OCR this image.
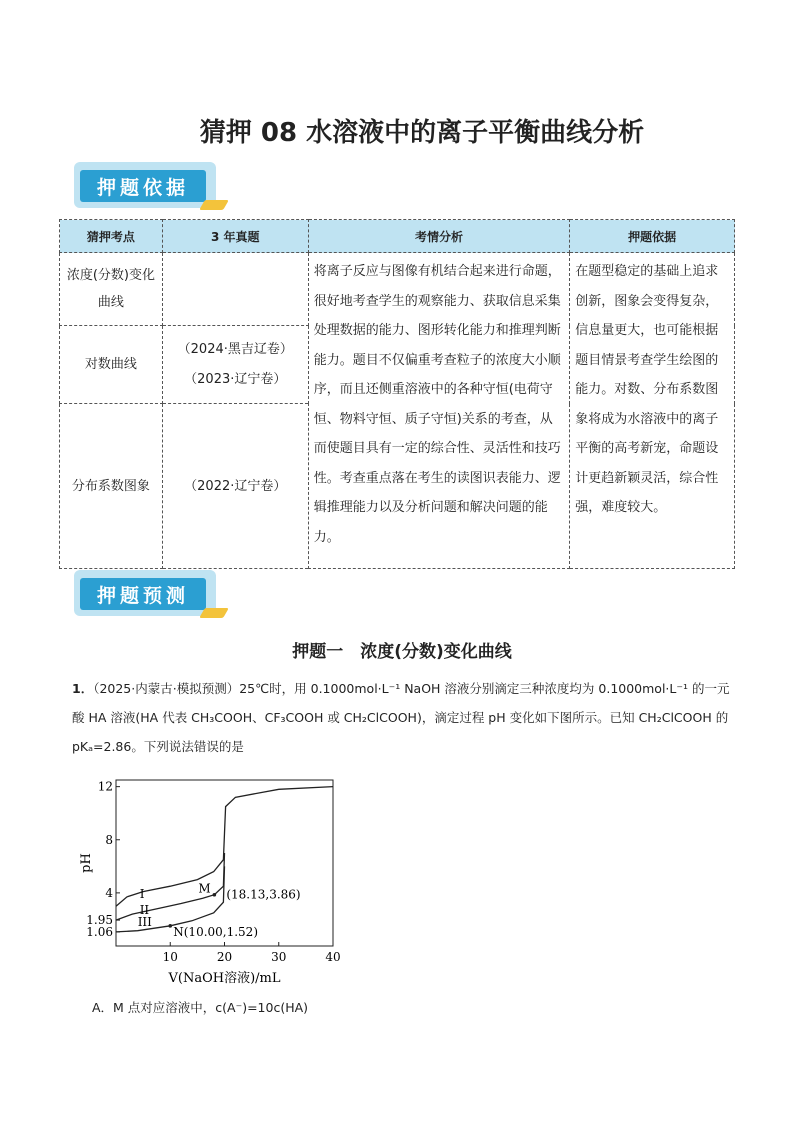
猜押 08 水溶液中的离子平衡曲线分析
押题依据
猜押考点	3 年真题	考情分析	押题依据
浓度(分数)变化曲线		将离子反应与图像有机结合起来进行命题，很好地考查学生的观察能力、获取信息采集处理数据的能力、图形转化能力和推理判断能力。题目不仅偏重考查粒子的浓度大小顺序，而且还侧重溶液中的各种守恒(电荷守恒、物料守恒、质子守恒)关系的考查，从而使题目具有一定的综合性、灵活性和技巧性。考查重点落在考生的读图识表能力、逻辑推理能力以及分析问题和解决问题的能力。	在题型稳定的基础上追求创新，图象会变得复杂，信息量更大，也可能根据题目情景考查学生绘图的能力。对数、分布系数图象将成为水溶液中的离子平衡的高考新宠，命题设计更趋新颖灵活，综合性强，难度较大。
对数曲线	（2024·黑吉辽卷）（2023·辽宁卷）		
分布系数图象	（2022·辽宁卷）		
押题预测
押题一　浓度(分数)变化曲线
1．（2025·内蒙古·模拟预测）25℃时，用 0.1000mol·L⁻¹ NaOH 溶液分别滴定三种浓度均为 0.1000mol·L⁻¹ 的一元酸 HA 溶液(HA 代表 CH₃COOH、CF₃COOH 或 CH₂ClCOOH)，滴定过程 pH 变化如下图所示。已知 CH₂ClCOOH 的 pKₐ=2.86。下列说法错误的是
10	20	30	40
12
8
4
1.95
1.06
V(NaOH溶液)/mL
pH
I
II
III
M (18.13,3.86)
N(10.00,1.52)
A．M 点对应溶液中，c(A⁻)=10c(HA)
